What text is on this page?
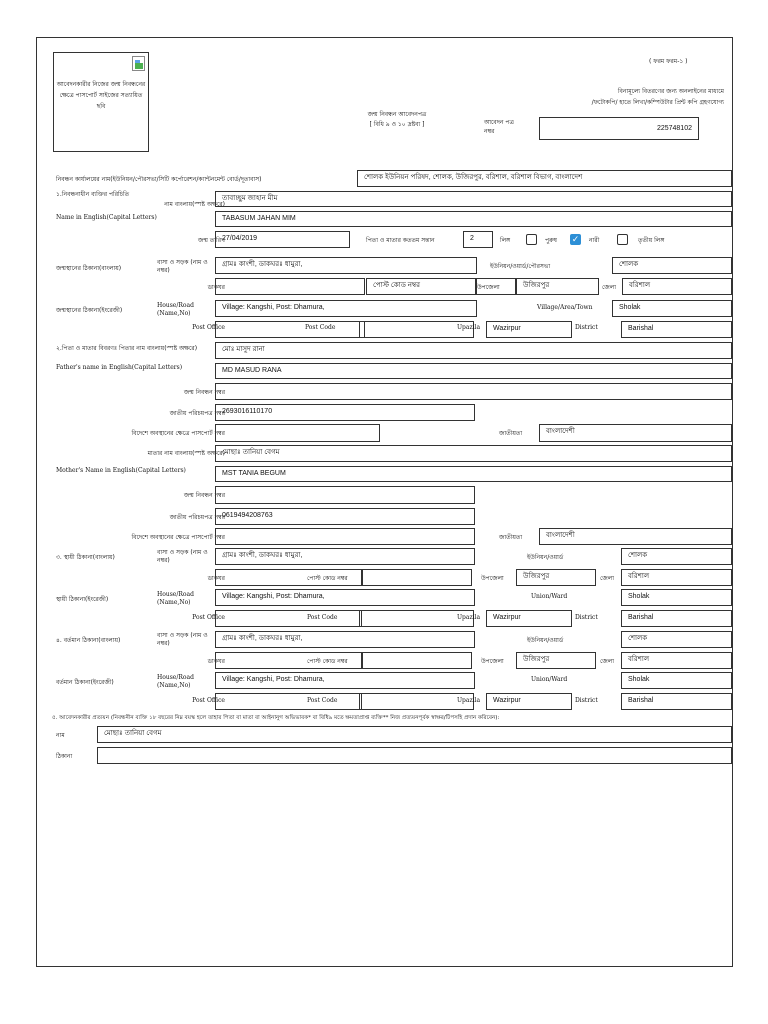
( ফরম ফরম-১ )
আবেদনকারীর নিজের জন্ম নিবন্ধনের ক্ষেত্রে পাসপোর্ট সাইজের সত্যায়িত ছবি
জন্ম নিবন্ধন আবেদনপত্র
[ বিধি ৯ ও ১০ দ্রষ্টব্য ]
বিনামূল্যে বিতরণের জন্য অনলাইনের মাধ্যমে
/ফটোকপি/ হাতে লিখা/কম্পিউটার প্রিন্ট কপি গ্রহণযোগ্য
আবেদন পত্র নম্বর	225748102
নিবন্ধন কার্যালয়ের নাম(ইউনিয়ন/পৌরসভা/সিটি কর্পোরেশন/ক্যান্টনমেন্ট বোর্ড/দূতাবাস)	শোলক ইউনিয়ন পরিষদ, শোলক, উজিরপুর, বরিশাল, বরিশাল বিভাগ, বাংলাদেশ
১.নিবন্ধনাধীন ব্যক্তির পরিচিতি
নাম বাংলায়(স্পষ্ট অক্ষরে)
তাবাচ্ছুম জাহান মীম
Name in English(Capital Letters)	TABASUM JAHAN MIM
জন্ম তারিখ
27/04/2019	পিতা ও মাতার কততম সন্তান	2	লিঙ্গ	পুরুষ ✓ নারী	তৃতীয় লিঙ্গ
জন্মস্থানের ঠিকানা(বাংলায়)
বাসা ও সড়ক (নাম ও নম্বর)
গ্রামঃ কাংশী, ডাকঘরঃ ধামুরা,	ইউনিয়ন/ওয়ার্ড/পৌরসভা	শোলক
ডাকঘর	পোস্ট কোড নম্বর	উপজেলা	উজিরপুর	জেলা	বরিশাল
জন্মস্থানের ঠিকানা(ইংরেজী)
House/Road (Name,No)
Village: Kangshi, Post: Dhamura,	Village/Area/Town	Sholak
Post Office	Post Code	Upazila	Wazirpur	District	Barishal
২.পিতা ও মাতার বিবরণঃ পিতার নাম বাংলায়(স্পষ্ট অক্ষরে)	মোঃ মাসুদ রানা
Father's name in English(Capital Letters)	MD MASUD RANA
জন্ম নিবন্ধন নম্বর
জাতীয় পরিচয়পত্র নম্বর
2693016110170
বিদেশে অবস্থানের ক্ষেত্রে পাসপোর্ট নম্বর	জাতীয়তা	বাংলাদেশী
মাতার নাম বাংলায়(স্পষ্ট অক্ষরে)
মোছাঃ তানিয়া বেগম
Mother's Name in English(Capital Letters)	MST TANIA BEGUM
জন্ম নিবন্ধন নম্বর
জাতীয় পরিচয়পত্র নম্বর
0619494208763
বিদেশে অবস্থানের ক্ষেত্রে পাসপোর্ট নম্বর	জাতীয়তা	বাংলাদেশী
৩. স্থায়ী ঠিকানা(বাংলায়)
বাসা ও সড়ক (নাম ও নম্বর)
গ্রামঃ কাংশী, ডাকঘরঃ ধামুরা,	ইউনিয়ন/ওয়ার্ড	শোলক
ডাকঘর	পোস্ট কোড নম্বর	উপজেলা	উজিরপুর	জেলা	বরিশাল
স্থায়ী ঠিকানা(ইংরেজী)
House/Road (Name,No)
Village: Kangshi, Post: Dhamura,	Union/Ward	Sholak
Post Office	Post Code	Upazila	Wazirpur	District	Barishal
৪. বর্তমান ঠিকানা(বাংলায়)
বাসা ও সড়ক (নাম ও নম্বর)
গ্রামঃ কাংশী, ডাকঘরঃ ধামুরা,	ইউনিয়ন/ওয়ার্ড	শোলক
ডাকঘর	পোস্ট কোড নম্বর	উপজেলা	উজিরপুর	জেলা	বরিশাল
বর্তমান ঠিকানা(ইংরেজী)
House/Road (Name,No)
Village: Kangshi, Post: Dhamura,	Union/Ward	Sholak
Post Office	Post Code	Upazila	Wazirpur	District	Barishal
৫. আবেদনকারীর প্রত্যয়ন (নিবন্ধনীন ব্যক্তি ১৮ বছরের নিম্ন বয়স্ক হলে তাহার পিতা বা মাতা বা আইনানুগ অভিভাবক* বা বিধি৯ মতে ক্ষমতাপ্রাপ্ত ব্যক্তি** নিজ প্রত্যয়নপূর্বক স্বাক্ষর/টিপসহি প্রদান করিবেন):
নাম	মোছাঃ তানিয়া বেগম
ঠিকানা
